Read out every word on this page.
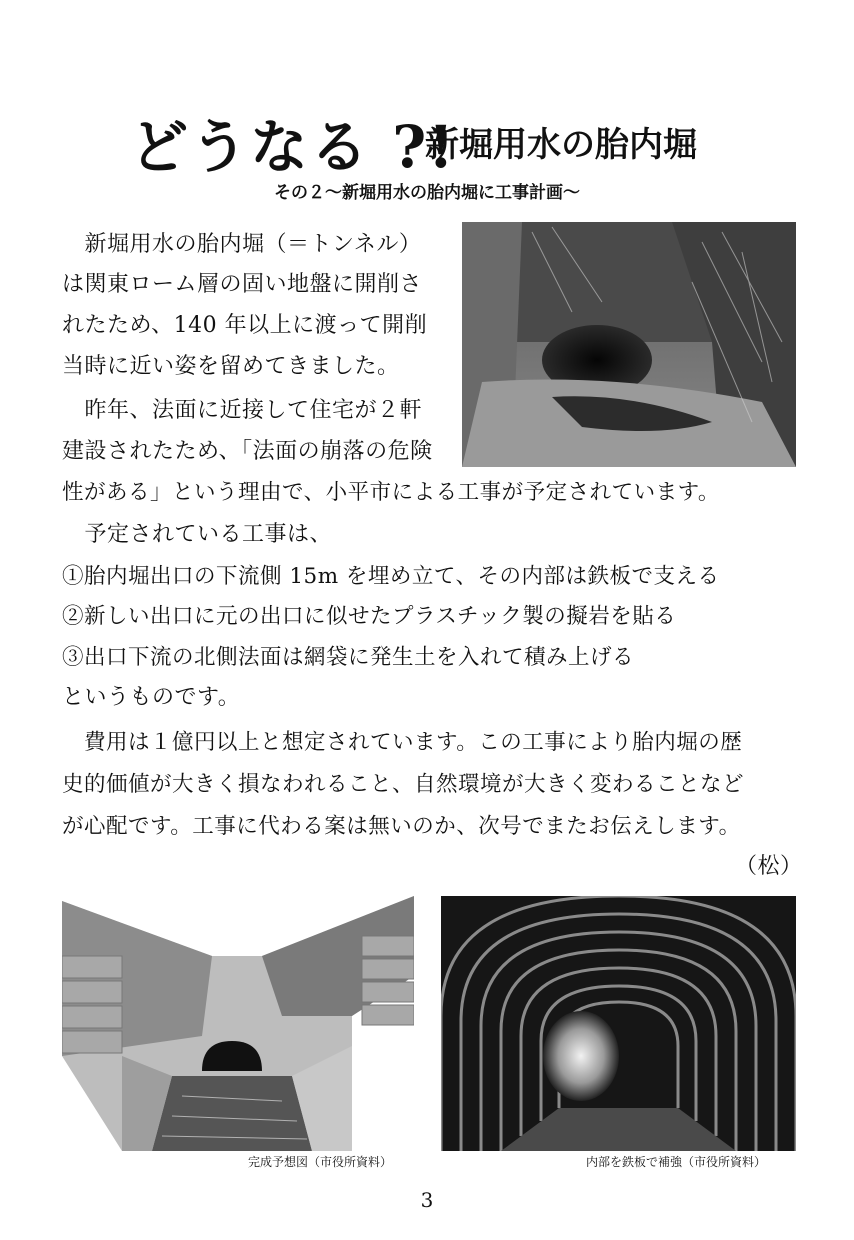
どうなる ?!
新堀用水の胎内堀
その２〜新堀用水の胎内堀に工事計画〜
　新堀用水の胎内堀（＝トンネル）
は関東ローム層の固い地盤に開削さ
れたため、140 年以上に渡って開削
当時に近い姿を留めてきました。
　昨年、法面に近接して住宅が２軒
建設されたため、｢法面の崩落の危険
性がある」という理由で、小平市による工事が予定されています。
　予定されている工事は、
①胎内堀出口の下流側 15m を埋め立て、その内部は鉄板で支える
②新しい出口に元の出口に似せたプラスチック製の擬岩を貼る
③出口下流の北側法面は網袋に発生土を入れて積み上げる
というものです。
　費用は１億円以上と想定されています。この工事により胎内堀の歴
史的価値が大きく損なわれること、自然環境が大きく変わることなど
が心配です。工事に代わる案は無いのか、次号でまたお伝えします。
（松）
完成予想図（市役所資料）	内部を鉄板で補強（市役所資料）
3
